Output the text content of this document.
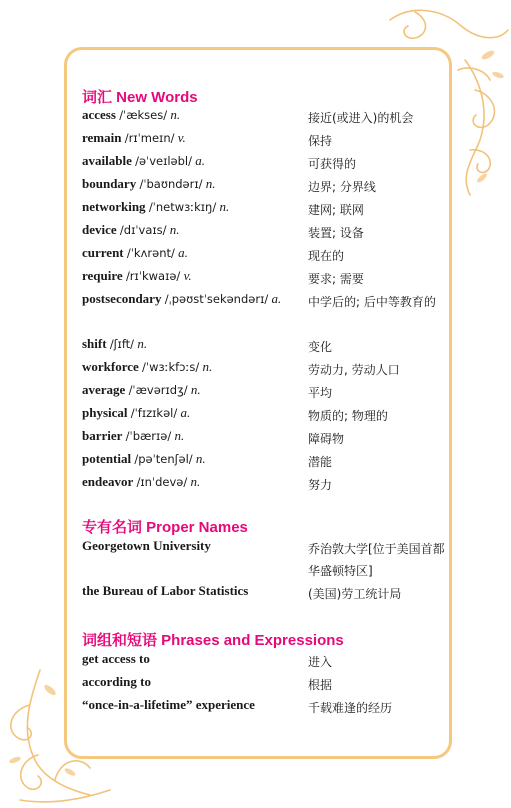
词汇 New Words
access /ˈækses/ n.	接近(或进入)的机会
remain /rɪˈmeɪn/ v.	保持
available /əˈveɪləbl/ a.	可获得的
boundary /ˈbaʊndərɪ/ n.	边界; 分界线
networking /ˈnetwɜːkɪŋ/ n.	建网; 联网
device /dɪˈvaɪs/ n.	装置; 设备
current /ˈkʌrənt/ a.	现在的
require /rɪˈkwaɪə/ v.	要求; 需要
postsecondary /ˌpəʊstˈsekəndərɪ/ a. 中学后的; 后中等教育的
shift /ʃɪft/ n.	变化
workforce /ˈwɜːkfɔːs/ n.	劳动力, 劳动人口
average /ˈævərɪdʒ/ n.	平均
physical /ˈfɪzɪkəl/ a.	物质的; 物理的
barrier /ˈbærɪə/ n.	障碍物
potential /pəˈtenʃəl/ n.	潜能
endeavor /ɪnˈdevə/ n.	努力
专有名词 Proper Names
Georgetown University	乔治敦大学[位于美国首都华盛顿特区]
the Bureau of Labor Statistics	(美国)劳工统计局
词组和短语 Phrases and Expressions
get access to	进入
according to	根据
“once-in-a-lifetime” experience	千载难逢的经历
